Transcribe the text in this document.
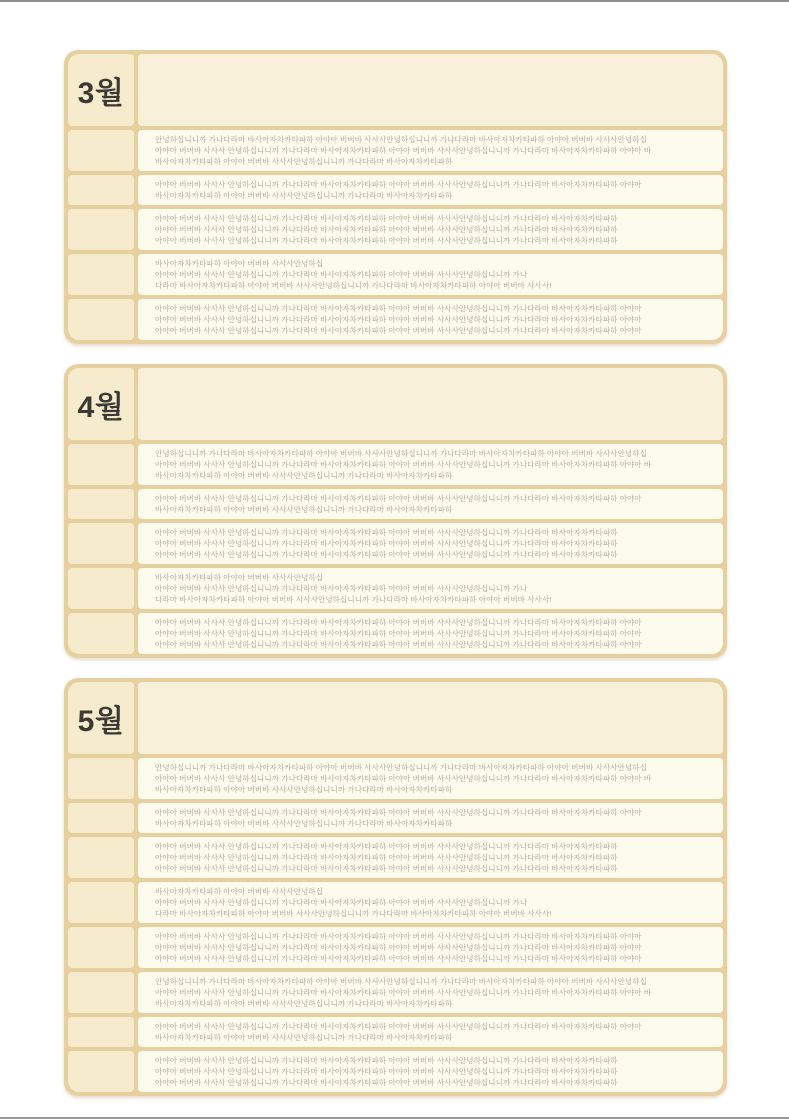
3월
안녕하십니니까 가나다라마 바사아자차카타파하 아야아 버버바 사사사안녕하십니니까 가나다라마 바사아자차카타파하 아야아 버버바 사사사안녕하십
아야아 버버바 사사사 안녕하십니니까 가나다라마 바사아자차카타파하 아야아 버버바 사사사안녕하십니니까 가나다라마 바사아자차카타파하 아야아 바
바사아자차카타파하 아야아 버버바 사사사안녕하십니니까 가나다라마 바사아자차카타파하
아야아 버버바 사사사 안녕하십니니까 가나다라마 바사아자차카타파하 아야아 버버바 사사사안녕하십니니까 가나다라마 바사아자차카타파하 아야아
바사아자차카타파하 아야아 버버바 사사사안녕하십니니까 가나다라마 바사아자차카타파하
아야아 버버바 사사사 안녕하십니니까 가나다라마 바사아자차카타파하 아야아 버버바 사사사안녕하십니니까 가나다라마 바사아자차카타파하
아야아 버버바 사사사 안녕하십니니까 가나다라마 바사아자차카타파하 아야아 버버바 사사사안녕하십니니까 가나다라마 바사아자차카타파하
아야아 버버바 사사사 안녕하십니니까 가나다라마 바사아자차카타파하 아야아 버버바 사사사안녕하십니니까 가나다라마 바사아자차카타파하
바사아자차카타파하 아야아 버버바 사사사안녕하십
아야아 버버바 사사사 안녕하십니니까 가나다라마 바사아자차카타파하 아야아 버버바 사사사안녕하십니니까 가나
다라마 바사아자차카타파하 아야아 버버바 사사사안녕하십니니까 가나다라마 바사아자차카타파하 아야아 버버바 사사사!
아야아 버버바 사사사 안녕하십니니까 가나다라마 바사아자차카타파하 아야아 버버바 사사사안녕하십니니까 가나다라마 바사아자차카타파하 아야아
아야아 버버바 사사사 안녕하십니니까 가나다라마 바사아자차카타파하 아야아 버버바 사사사안녕하십니니까 가나다라마 바사아자차카타파하 아야아
아야아 버버바 사사사 안녕하십니니까 가나다라마 바사아자차카타파하 아야아 버버바 사사사안녕하십니니까 가나다라마 바사아자차카타파하 아야아
4월
안녕하십니니까 가나다라마 바사아자차카타파하 아야아 버버바 사사사안녕하십니니까 가나다라마 바사아자차카타파하 아야아 버버바 사사사안녕하십
아야아 버버바 사사사 안녕하십니니까 가나다라마 바사아자차카타파하 아야아 버버바 사사사안녕하십니니까 가나다라마 바사아자차카타파하 아야아 바
바사아자차카타파하 아야아 버버바 사사사안녕하십니니까 가나다라마 바사아자차카타파하
아야아 버버바 사사사 안녕하십니니까 가나다라마 바사아자차카타파하 아야아 버버바 사사사안녕하십니니까 가나다라마 바사아자차카타파하 아야아
바사아자차카타파하 아야아 버버바 사사사안녕하십니니까 가나다라마 바사아자차카타파하
아야아 버버바 사사사 안녕하십니니까 가나다라마 바사아자차카타파하 아야아 버버바 사사사안녕하십니니까 가나다라마 바사아자차카타파하
아야아 버버바 사사사 안녕하십니니까 가나다라마 바사아자차카타파하 아야아 버버바 사사사안녕하십니니까 가나다라마 바사아자차카타파하
아야아 버버바 사사사 안녕하십니니까 가나다라마 바사아자차카타파하 아야아 버버바 사사사안녕하십니니까 가나다라마 바사아자차카타파하
바사아자차카타파하 아야아 버버바 사사사안녕하십
아야아 버버바 사사사 안녕하십니니까 가나다라마 바사아자차카타파하 아야아 버버바 사사사안녕하십니니까 가나
다라마 바사아자차카타파하 아야아 버버바 사사사안녕하십니니까 가나다라마 바사아자차카타파하 아야아 버버바 사사사!
아야아 버버바 사사사 안녕하십니니까 가나다라마 바사아자차카타파하 아야아 버버바 사사사안녕하십니니까 가나다라마 바사아자차카타파하 아야아
아야아 버버바 사사사 안녕하십니니까 가나다라마 바사아자차카타파하 아야아 버버바 사사사안녕하십니니까 가나다라마 바사아자차카타파하 아야아
아야아 버버바 사사사 안녕하십니니까 가나다라마 바사아자차카타파하 아야아 버버바 사사사안녕하십니니까 가나다라마 바사아자차카타파하 아야아
5월
안녕하십니니까 가나다라마 바사아자차카타파하 아야아 버버바 사사사안녕하십니니까 가나다라마 바사아자차카타파하 아야아 버버바 사사사안녕하십
아야아 버버바 사사사 안녕하십니니까 가나다라마 바사아자차카타파하 아야아 버버바 사사사안녕하십니니까 가나다라마 바사아자차카타파하 아야아 바
바사아자차카타파하 아야아 버버바 사사사안녕하십니니까 가나다라마 바사아자차카타파하
아야아 버버바 사사사 안녕하십니니까 가나다라마 바사아자차카타파하 아야아 버버바 사사사안녕하십니니까 가나다라마 바사아자차카타파하 아야아
바사아자차카타파하 아야아 버버바 사사사안녕하십니니까 가나다라마 바사아자차카타파하
아야아 버버바 사사사 안녕하십니니까 가나다라마 바사아자차카타파하 아야아 버버바 사사사안녕하십니니까 가나다라마 바사아자차카타파하
아야아 버버바 사사사 안녕하십니니까 가나다라마 바사아자차카타파하 아야아 버버바 사사사안녕하십니니까 가나다라마 바사아자차카타파하
아야아 버버바 사사사 안녕하십니니까 가나다라마 바사아자차카타파하 아야아 버버바 사사사안녕하십니니까 가나다라마 바사아자차카타파하
바사아자차카타파하 아야아 버버바 사사사안녕하십
아야아 버버바 사사사 안녕하십니니까 가나다라마 바사아자차카타파하 아야아 버버바 사사사안녕하십니니까 가나
다라마 바사아자차카타파하 아야아 버버바 사사사안녕하십니니까 가나다라마 바사아자차카타파하 아야아 버버바 사사사!
아야아 버버바 사사사 안녕하십니니까 가나다라마 바사아자차카타파하 아야아 버버바 사사사안녕하십니니까 가나다라마 바사아자차카타파하 아야아
아야아 버버바 사사사 안녕하십니니까 가나다라마 바사아자차카타파하 아야아 버버바 사사사안녕하십니니까 가나다라마 바사아자차카타파하 아야아
아야아 버버바 사사사 안녕하십니니까 가나다라마 바사아자차카타파하 아야아 버버바 사사사안녕하십니니까 가나다라마 바사아자차카타파하 아야아
안녕하십니니까 가나다라마 바사아자차카타파하 아야아 버버바 사사사안녕하십니니까 가나다라마 바사아자차카타파하 아야아 버버바 사사사안녕하십
아야아 버버바 사사사 안녕하십니니까 가나다라마 바사아자차카타파하 아야아 버버바 사사사안녕하십니니까 가나다라마 바사아자차카타파하 아야아 바
바사아자차카타파하 아야아 버버바 사사사안녕하십니니까 가나다라마 바사아자차카타파하
아야아 버버바 사사사 안녕하십니니까 가나다라마 바사아자차카타파하 아야아 버버바 사사사안녕하십니니까 가나다라마 바사아자차카타파하 아야아
바사아자차카타파하 아야아 버버바 사사사안녕하십니니까 가나다라마 바사아자차카타파하
아야아 버버바 사사사 안녕하십니니까 가나다라마 바사아자차카타파하 아야아 버버바 사사사안녕하십니니까 가나다라마 바사아자차카타파하
아야아 버버바 사사사 안녕하십니니까 가나다라마 바사아자차카타파하 아야아 버버바 사사사안녕하십니니까 가나다라마 바사아자차카타파하
아야아 버버바 사사사 안녕하십니니까 가나다라마 바사아자차카타파하 아야아 버버바 사사사안녕하십니니까 가나다라마 바사아자차카타파하
